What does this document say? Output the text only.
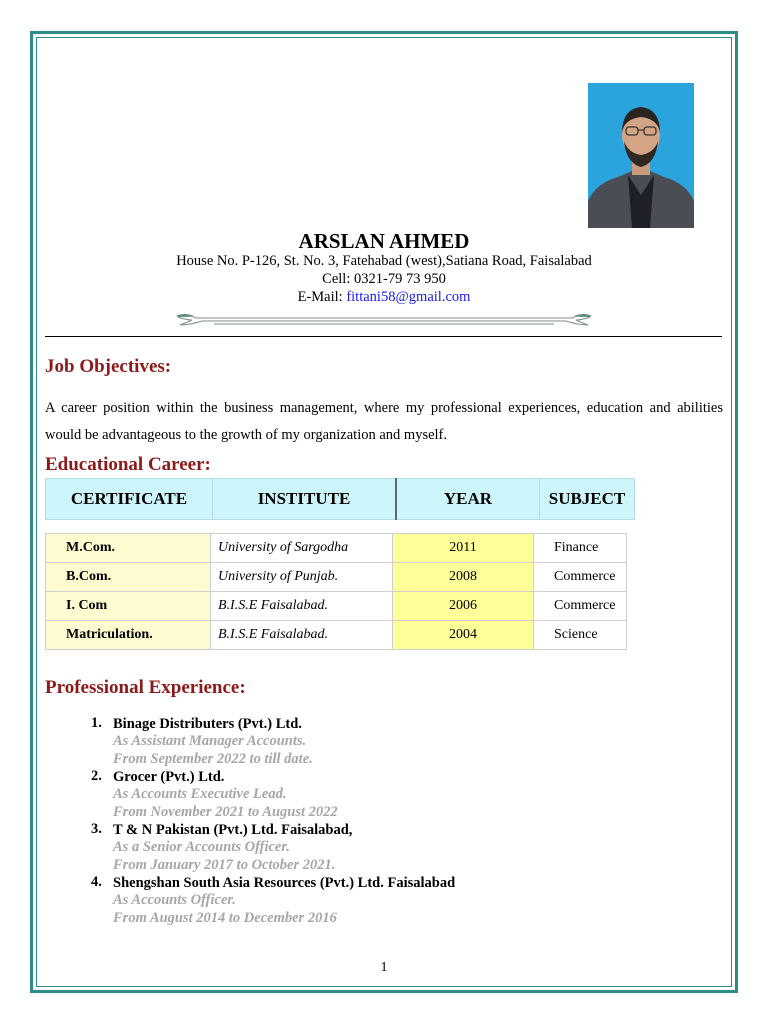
ARSLAN AHMED
House No. P-126, St. No. 3, Fatehabad (west),Satiana Road, Faisalabad
Cell: 0321-79 73 950
E-Mail: fittani58@gmail.com
Job Objectives:
A career position within the business management, where my professional experiences, education and abilities would be advantageous to the growth of my organization and myself.
Educational Career:
CERTIFICATE	INSTITUTE	YEAR	SUBJECT
M.Com.	University of Sargodha	2011	Finance
B.Com.	University of Punjab.	2008	Commerce
I. Com	B.I.S.E Faisalabad.	2006	Commerce
Matriculation.	B.I.S.E Faisalabad.	2004	Science
Professional Experience:
1. Binage Distributers (Pvt.) Ltd.
As Assistant Manager Accounts.
From September 2022 to till date.
2. Grocer (Pvt.) Ltd.
As Accounts Executive Lead.
From November 2021 to August 2022
3. T & N Pakistan (Pvt.) Ltd. Faisalabad,
As a Senior Accounts Officer.
From January 2017 to October 2021.
4. Shengshan South Asia Resources (Pvt.) Ltd. Faisalabad
As Accounts Officer.
From August 2014 to December 2016
1
